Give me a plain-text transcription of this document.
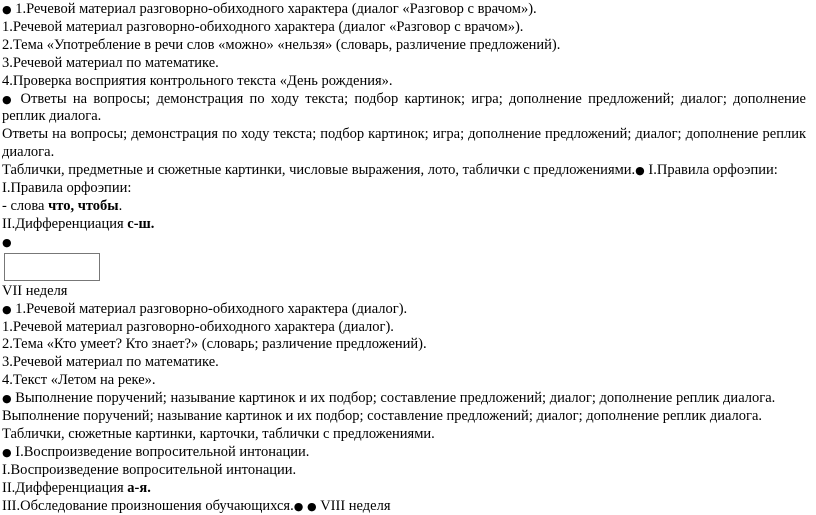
● 1.Речевой материал разговорно-обиходного характера (диалог «Разговор с врачом»).
1.Речевой материал разговорно-обиходного характера (диалог «Разговор с врачом»).
2.Тема «Употребление в речи слов «можно» «нельзя» (словарь, различение предложений).
3.Речевой материал по математике.
4.Проверка восприятия контрольного текста «День рождения».
● Ответы на вопросы; демонстрация по ходу текста; подбор картинок; игра; дополнение предложений; диалог; дополнение реплик диалога.
Ответы на вопросы; демонстрация по ходу текста; подбор картинок; игра; дополнение предложений; диалог; дополнение реплик диалога.
Таблички, предметные и сюжетные картинки, числовые выражения, лото, таблички с предложениями.● I.Правила орфоэпии:
I.Правила орфоэпии:
- слова что, чтобы.
II.Дифференциация с-ш.
●
VII неделя
● 1.Речевой материал разговорно-обиходного характера (диалог).
1.Речевой материал разговорно-обиходного характера (диалог).
2.Тема «Кто умеет? Кто знает?» (словарь; различение предложений).
3.Речевой материал по математике.
4.Текст «Летом на реке».
● Выполнение поручений; называние картинок и их подбор; составление предложений; диалог; дополнение реплик диалога.
Выполнение поручений; называние картинок и их подбор; составление предложений; диалог; дополнение реплик диалога.
Таблички, сюжетные картинки, карточки, таблички с предложениями.
● I.Воспроизведение вопросительной интонации.
I.Воспроизведение вопросительной интонации.
II.Дифференциация а-я.
III.Обследование произношения обучающихся.● ● VIII неделя
